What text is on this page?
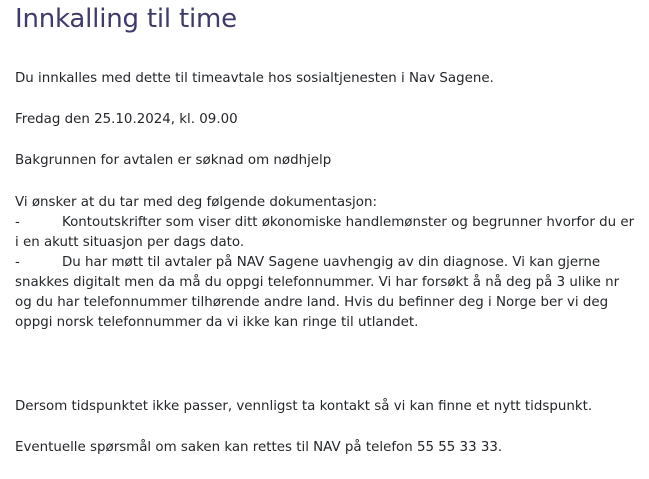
Innkalling til time

Du innkalles med dette til timeavtale hos sosialtjenesten i Nav Sagene.

Fredag den 25.10.2024, kl. 09.00

Bakgrunnen for avtalen er søknad om nødhjelp

Vi ønsker at du tar med deg følgende dokumentasjon:

-	Kontoutskrifter som viser ditt økonomiske handlemønster og begrunner hvorfor du er i en akutt situasjon per dags dato.
-	Du har møtt til avtaler på NAV Sagene uavhengig av din diagnose. Vi kan gjerne snakkes digitalt men da må du oppgi telefonnummer. Vi har forsøkt å nå deg på 3 ulike nr og du har telefonnummer tilhørende andre land. Hvis du befinner deg i Norge ber vi deg oppgi norsk telefonnummer da vi ikke kan ringe til utlandet.

Dersom tidspunktet ikke passer, vennligst ta kontakt så vi kan finne et nytt tidspunkt.

Eventuelle spørsmål om saken kan rettes til NAV på telefon 55 55 33 33.
